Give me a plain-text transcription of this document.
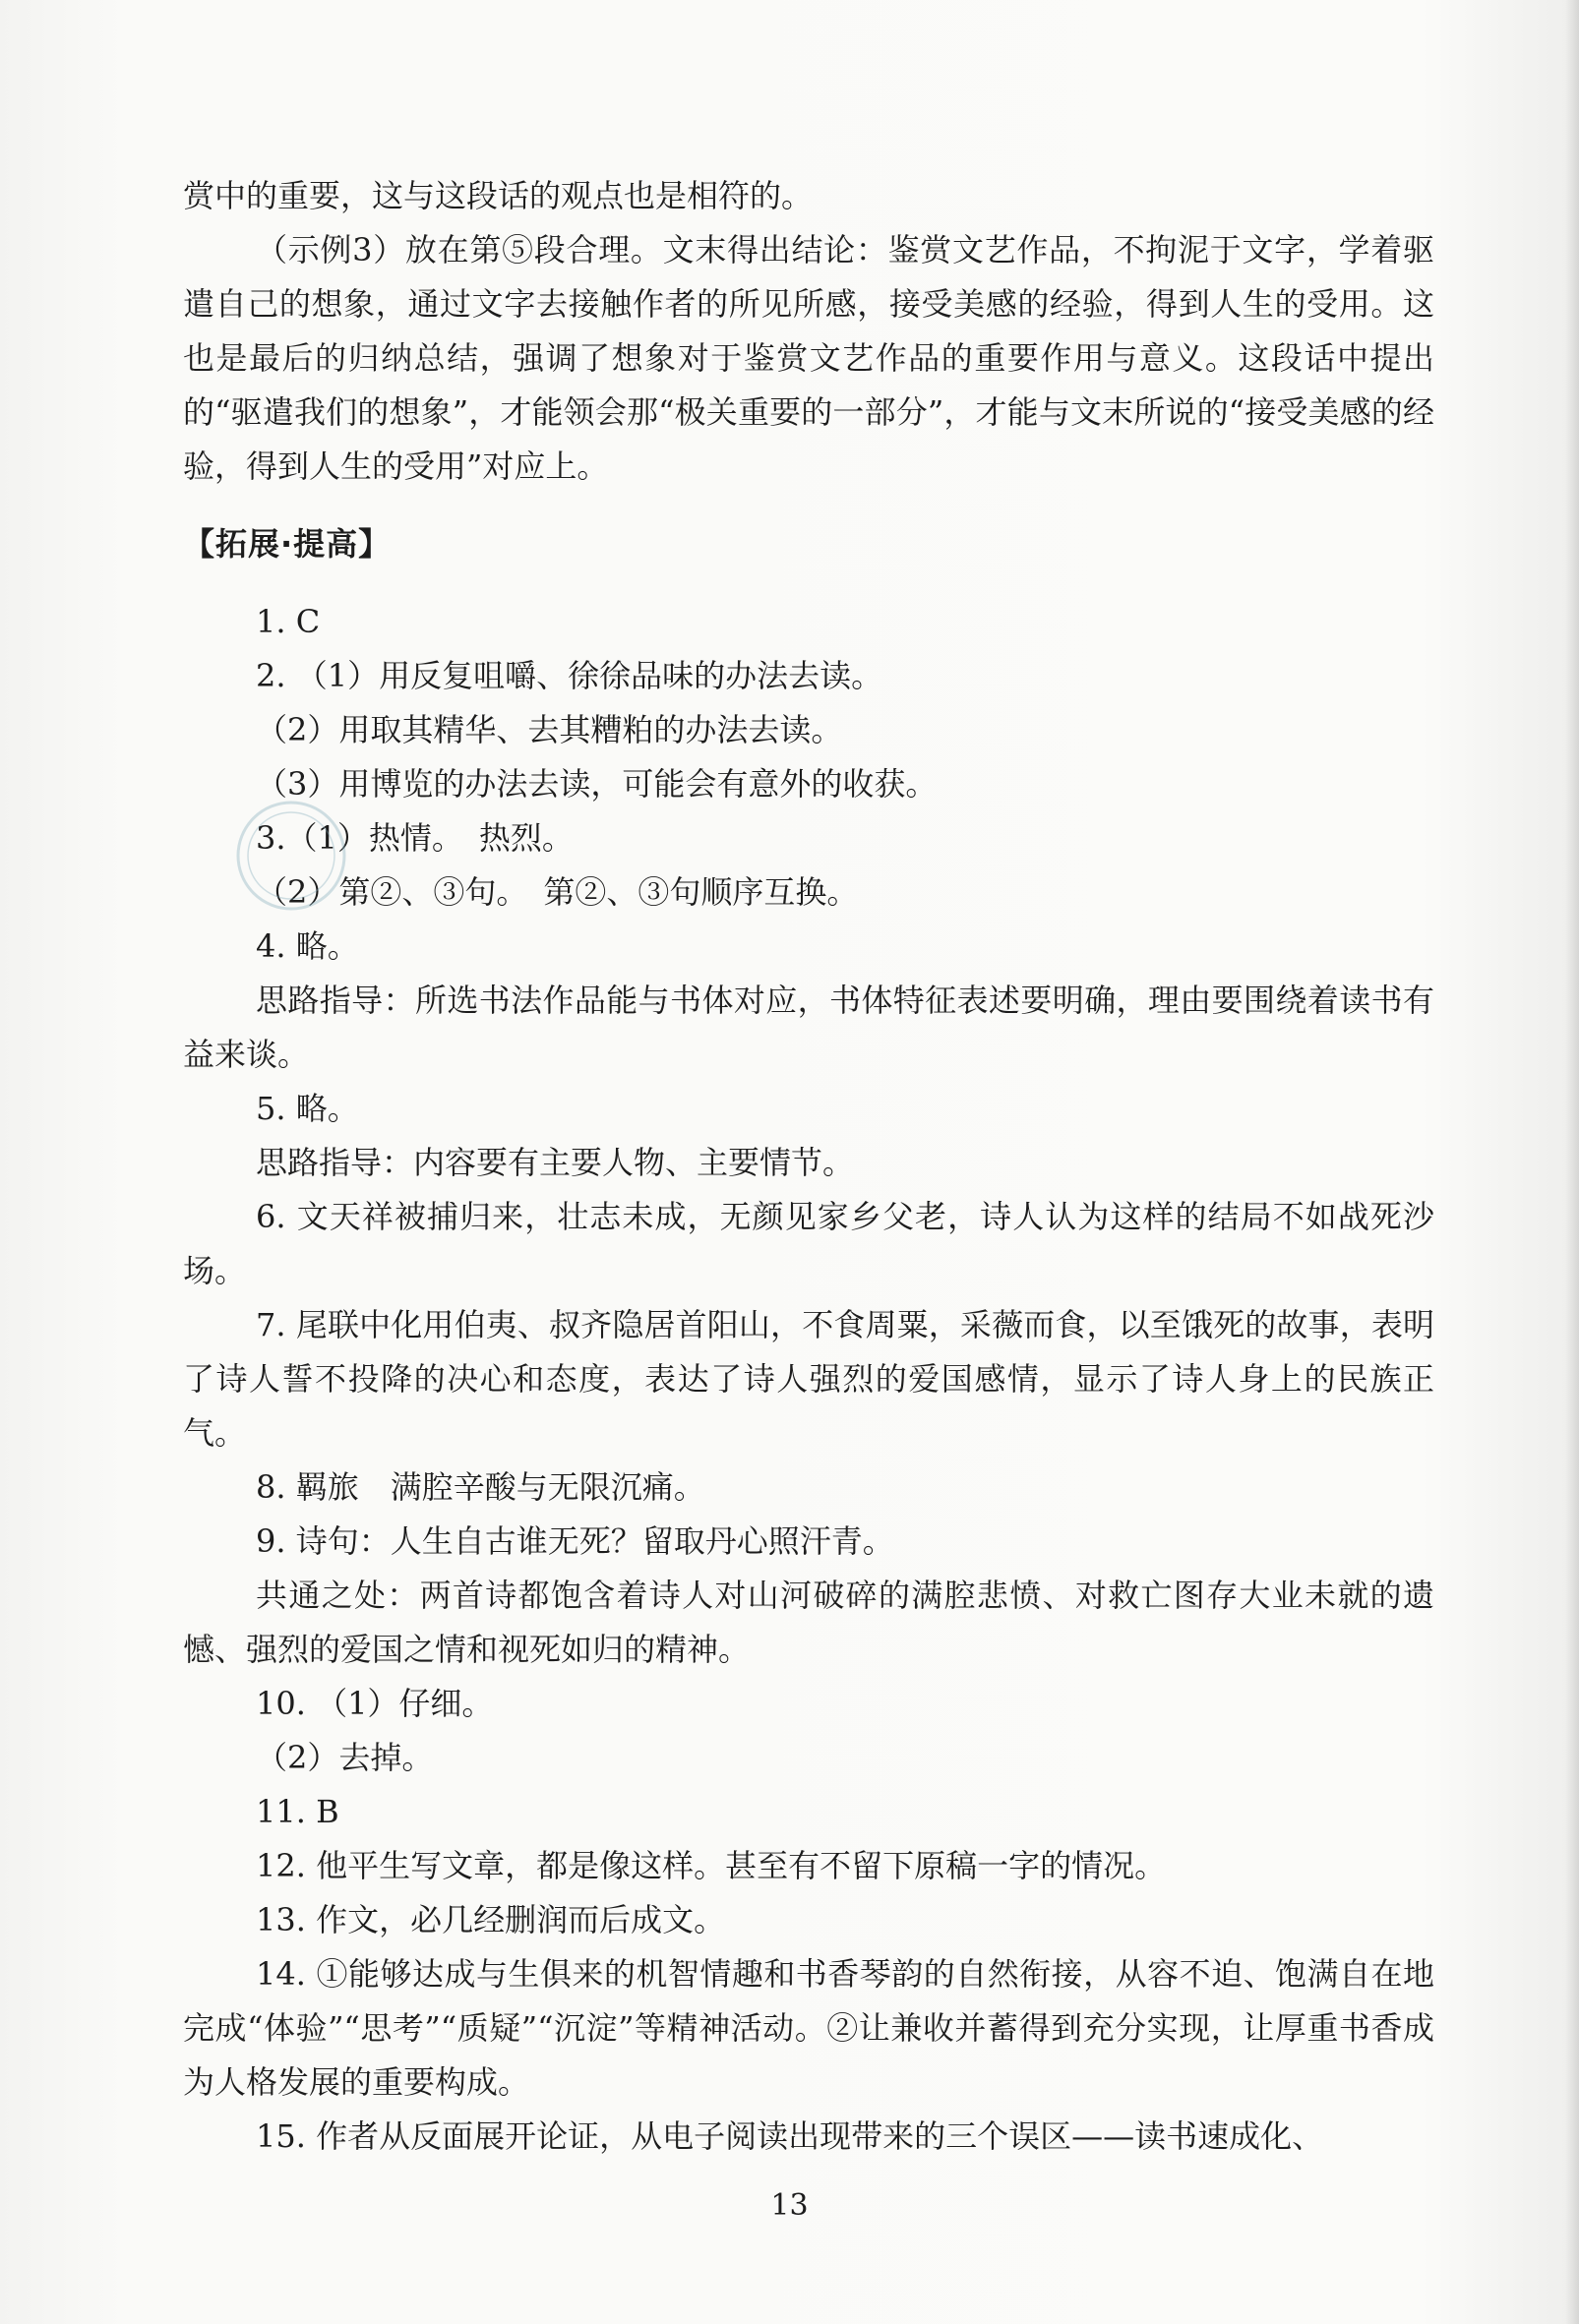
赏中的重要，这与这段话的观点也是相符的。

（示例3）放在第⑤段合理。文末得出结论：鉴赏文艺作品，不拘泥于文字，学着驱遣自己的想象，通过文字去接触作者的所见所感，接受美感的经验，得到人生的受用。这也是最后的归纳总结，强调了想象对于鉴赏文艺作品的重要作用与意义。这段话中提出的“驱遣我们的想象”，才能领会那“极关重要的一部分”，才能与文末所说的“接受美感的经验，得到人生的受用”对应上。

【拓展·提高】

1. C

2. （1）用反复咀嚼、徐徐品味的办法去读。

（2）用取其精华、去其糟粕的办法去读。

（3）用博览的办法去读，可能会有意外的收获。

3.（1）热情。　热烈。

（2）第②、③句。　第②、③句顺序互换。

4. 略。

思路指导：所选书法作品能与书体对应，书体特征表述要明确，理由要围绕着读书有益来谈。

5. 略。

思路指导：内容要有主要人物、主要情节。

6. 文天祥被捕归来，壮志未成，无颜见家乡父老，诗人认为这样的结局不如战死沙场。

7. 尾联中化用伯夷、叔齐隐居首阳山，不食周粟，采薇而食，以至饿死的故事，表明了诗人誓不投降的决心和态度，表达了诗人强烈的爱国感情，显示了诗人身上的民族正气。

8. 羁旅　满腔辛酸与无限沉痛。

9. 诗句：人生自古谁无死？留取丹心照汗青。

共通之处：两首诗都饱含着诗人对山河破碎的满腔悲愤、对救亡图存大业未就的遗憾、强烈的爱国之情和视死如归的精神。

10. （1）仔细。

（2）去掉。

11. B

12. 他平生写文章，都是像这样。甚至有不留下原稿一字的情况。

13. 作文，必几经删润而后成文。

14. ①能够达成与生俱来的机智情趣和书香琴韵的自然衔接，从容不迫、饱满自在地完成“体验”“思考”“质疑”“沉淀”等精神活动。②让兼收并蓄得到充分实现，让厚重书香成为人格发展的重要构成。

15. 作者从反面展开论证，从电子阅读出现带来的三个误区——读书速成化、

13
